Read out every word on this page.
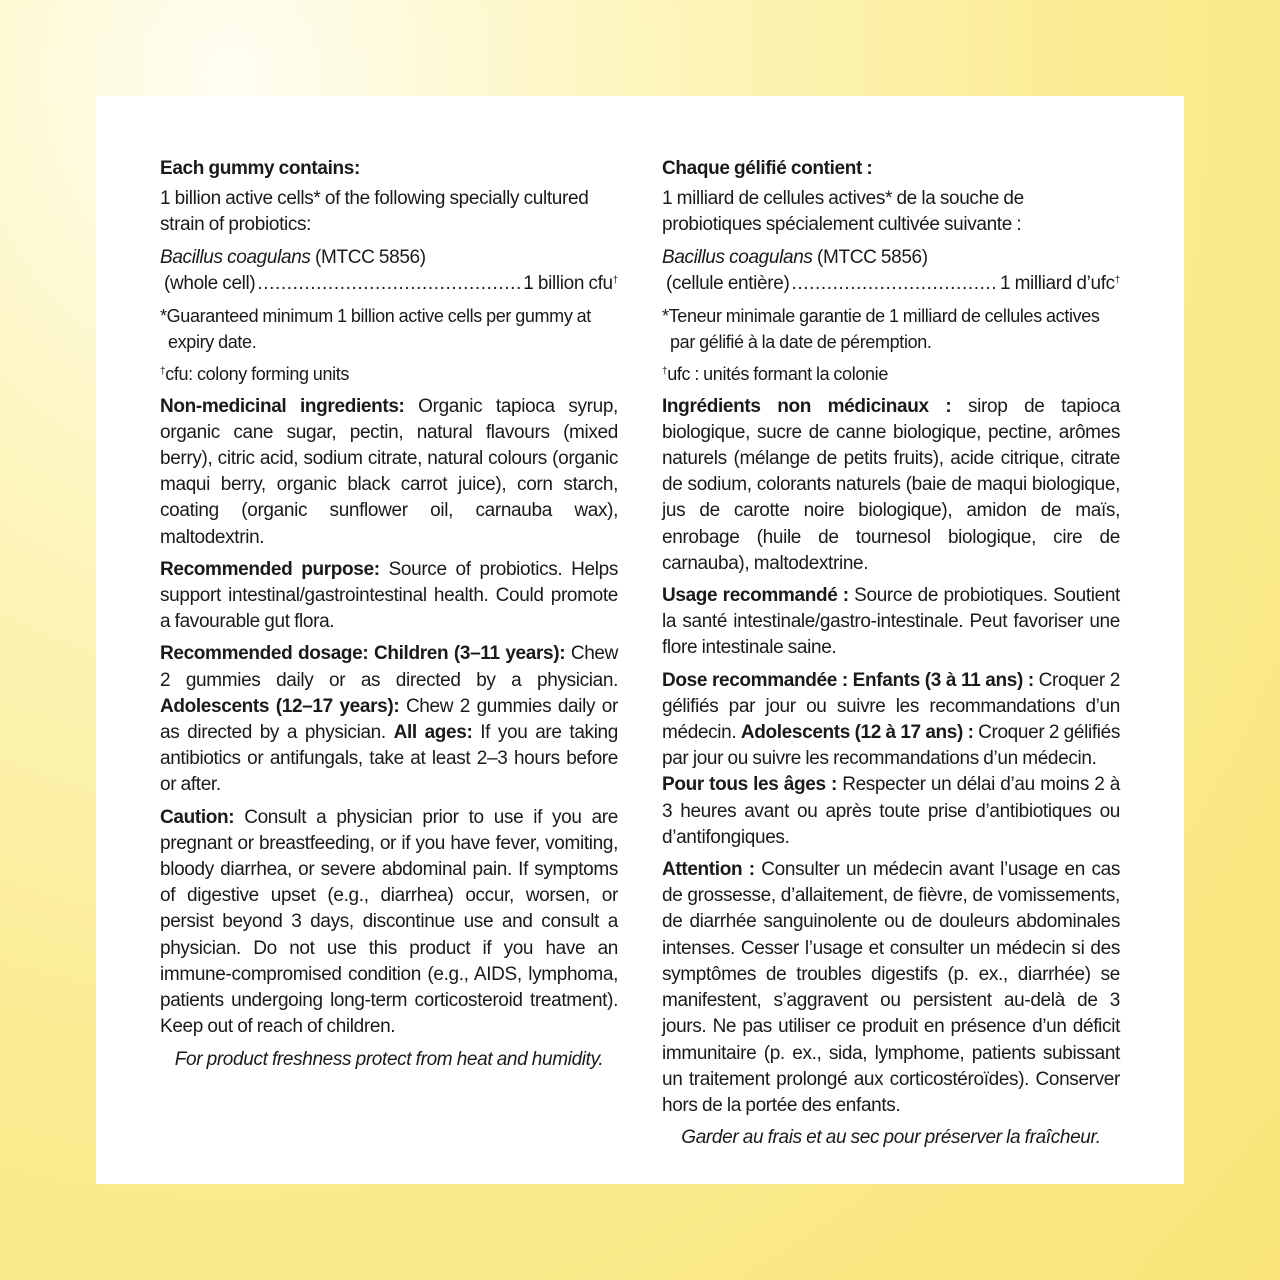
Each gummy contains:

1 billion active cells* of the following specially cultured

strain of probiotics:

Bacillus coagulans (MTCC 5856)

(whole cell) .....	1 billion cfu†

*Guaranteed minimum 1 billion active cells per gummy at

expiry date.

†cfu: colony forming units

Non-medicinal ingredients: Organic tapioca syrup, organic cane sugar, pectin, natural flavours (mixed berry), citric acid, sodium citrate, natural colours (organic maqui berry, organic black carrot juice), corn starch, coating (organic sunflower oil, carnauba wax), maltodextrin.

Recommended purpose: Source of probiotics. Helps support intestinal/gastrointestinal health. Could promote a favourable gut flora.

Recommended dosage: Children (3–11 years): Chew 2 gummies daily or as directed by a physician. Adolescents (12–17 years): Chew 2 gummies daily or as directed by a physician. All ages: If you are taking antibiotics or antifungals, take at least 2–3 hours before or after.

Caution: Consult a physician prior to use if you are pregnant or breastfeeding, or if you have fever, vomiting, bloody diarrhea, or severe abdominal pain. If symptoms of digestive upset (e.g., diarrhea) occur, worsen, or persist beyond 3 days, discontinue use and consult a physician. Do not use this product if you have an immune-compromised condition (e.g., AIDS, lymphoma, patients undergoing long-term corticosteroid treatment). Keep out of reach of children.

For product freshness protect from heat and humidity.

Chaque gélifié contient :

1 milliard de cellules actives* de la souche de

probiotiques spécialement cultivée suivante :

Bacillus coagulans (MTCC 5856)

(cellule entière) .....	1 milliard d’ufc†

*Teneur minimale garantie de 1 milliard de cellules actives

par gélifié à la date de péremption.

†ufc : unités formant la colonie

Ingrédients non médicinaux : sirop de tapioca biologique, sucre de canne biologique, pectine, arômes naturels (mélange de petits fruits), acide citrique, citrate de sodium, colorants naturels (baie de maqui biologique, jus de carotte noire biologique), amidon de maïs, enrobage (huile de tournesol biologique, cire de carnauba), maltodextrine.

Usage recommandé : Source de probiotiques. Soutient la santé intestinale/gastro-intestinale. Peut favoriser une flore intestinale saine.

Dose recommandée : Enfants (3 à 11 ans) : Croquer 2 gélifiés par jour ou suivre les recommandations d’un médecin. Adolescents (12 à 17 ans) : Croquer 2 gélifiés par jour ou suivre les recommandations d’un médecin.
Pour tous les âges : Respecter un délai d’au moins 2 à 3 heures avant ou après toute prise d’antibiotiques ou d’antifongiques.

Attention : Consulter un médecin avant l’usage en cas de grossesse, d’allaitement, de fièvre, de vomissements, de diarrhée sanguinolente ou de douleurs abdominales intenses. Cesser l’usage et consulter un médecin si des symptômes de troubles digestifs (p. ex., diarrhée) se manifestent, s’aggravent ou persistent au-delà de 3 jours. Ne pas utiliser ce produit en présence d’un déficit immunitaire (p. ex., sida, lymphome, patients subissant un traitement prolongé aux corticostéroïdes). Conserver hors de la portée des enfants.

Garder au frais et au sec pour préserver la fraîcheur.
